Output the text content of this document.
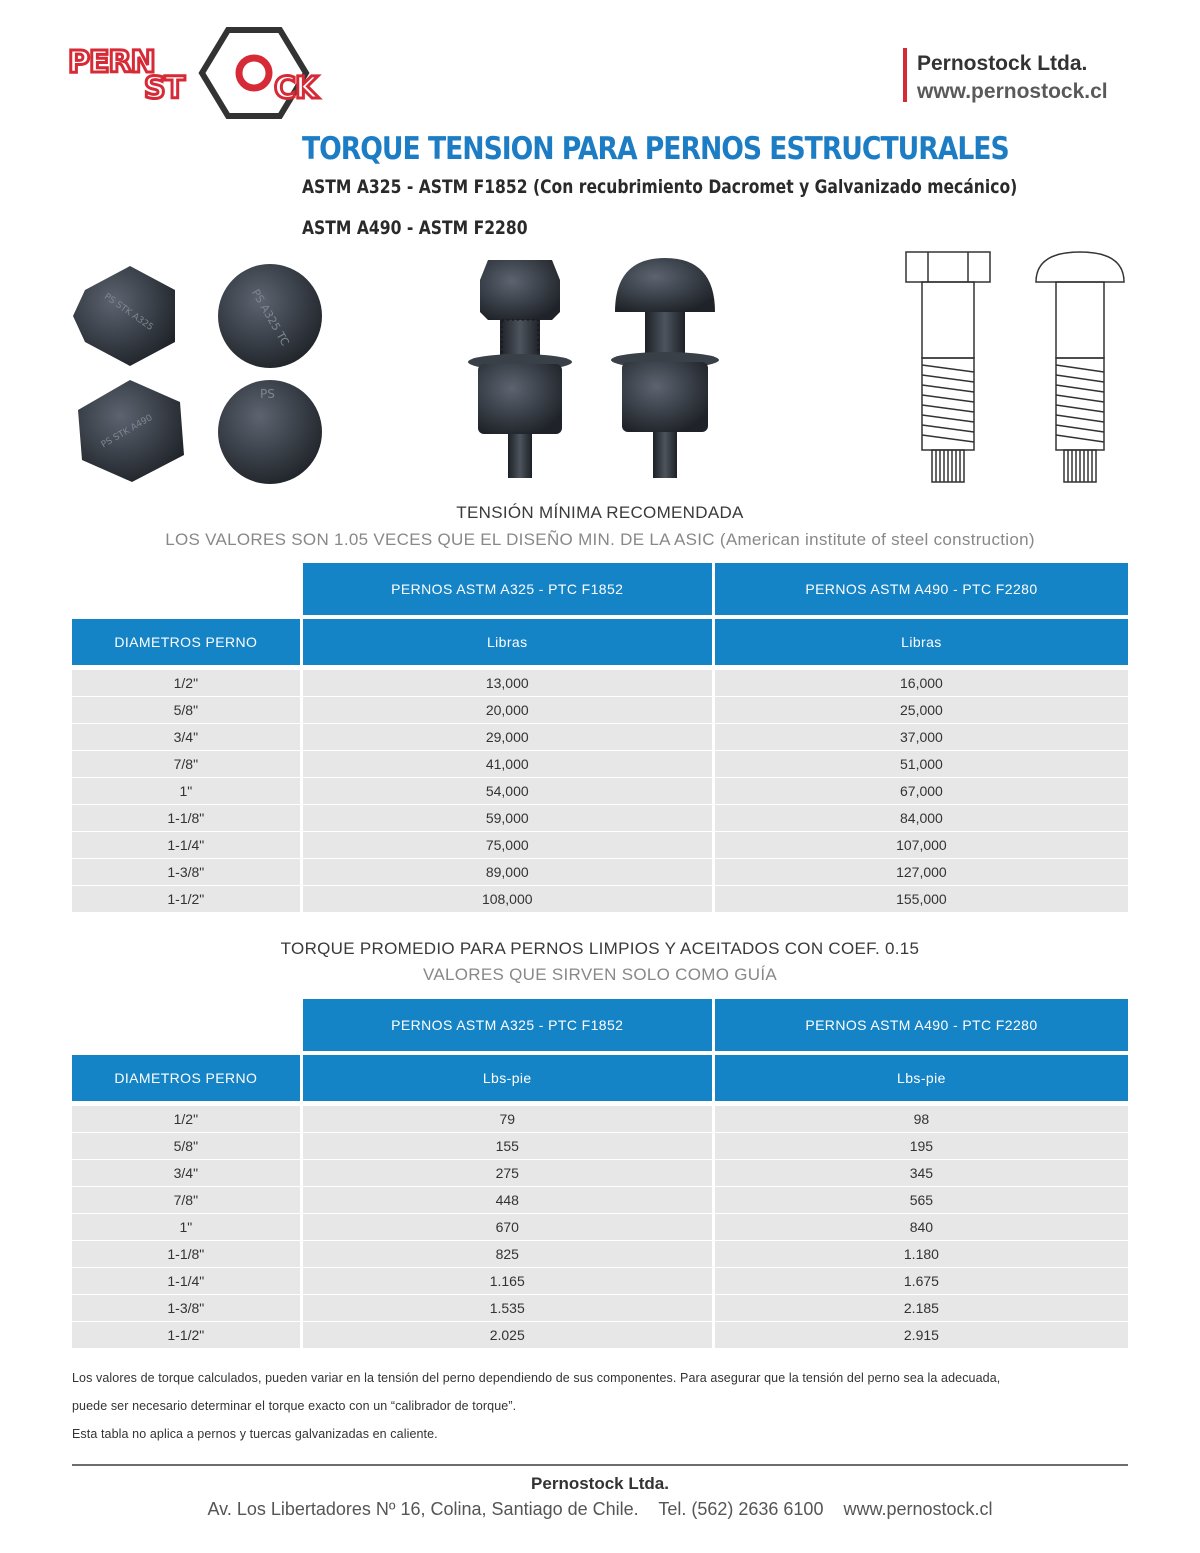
PERN
ST	CK
Pernostock Ltda.
www.pernostock.cl
TORQUE TENSION PARA PERNOS ESTRUCTURALES
ASTM A325 - ASTM F1852 (Con recubrimiento Dacromet y Galvanizado mecánico)
ASTM A490 - ASTM F2280
PS STK A325	PS A325 TC
PS STK A490
PS
TENSIÓN MÍNIMA RECOMENDADA
LOS VALORES SON 1.05 VECES QUE EL DISEÑO MIN. DE LA ASIC (American institute of steel construction)
	PERNOS ASTM A325 - PTC F1852	PERNOS ASTM A490 - PTC F2280

DIAMETROS PERNO	Libras	Libras

1/2"	13,000	16,000
5/8"	20,000	25,000
3/4"	29,000	37,000
7/8"	41,000	51,000
1"	54,000	67,000
1-1/8"	59,000	84,000
1-1/4"	75,000	107,000
1-3/8"	89,000	127,000
1-1/2"	108,000	155,000
TORQUE PROMEDIO PARA PERNOS LIMPIOS Y ACEITADOS CON COEF. 0.15
VALORES QUE SIRVEN SOLO COMO GUÍA
	PERNOS ASTM A325 - PTC F1852	PERNOS ASTM A490 - PTC F2280

DIAMETROS PERNO	Lbs-pie	Lbs-pie

1/2"	79	98
5/8"	155	195
3/4"	275	345
7/8"	448	565
1"	670	840
1-1/8"	825	1.180
1-1/4"	1.165	1.675
1-3/8"	1.535	2.185
1-1/2"	2.025	2.915
Los valores de torque calculados, pueden variar en la tensión del perno dependiendo de sus componentes. Para asegurar que la tensión del perno sea la adecuada,
puede ser necesario determinar el torque exacto con un “calibrador de torque”.
Esta tabla no aplica a pernos y tuercas galvanizadas en caliente.
Pernostock Ltda.
Av. Los Libertadores Nº 16, Colina, Santiago de Chile.    Tel. (562) 2636 6100    www.pernostock.cl
